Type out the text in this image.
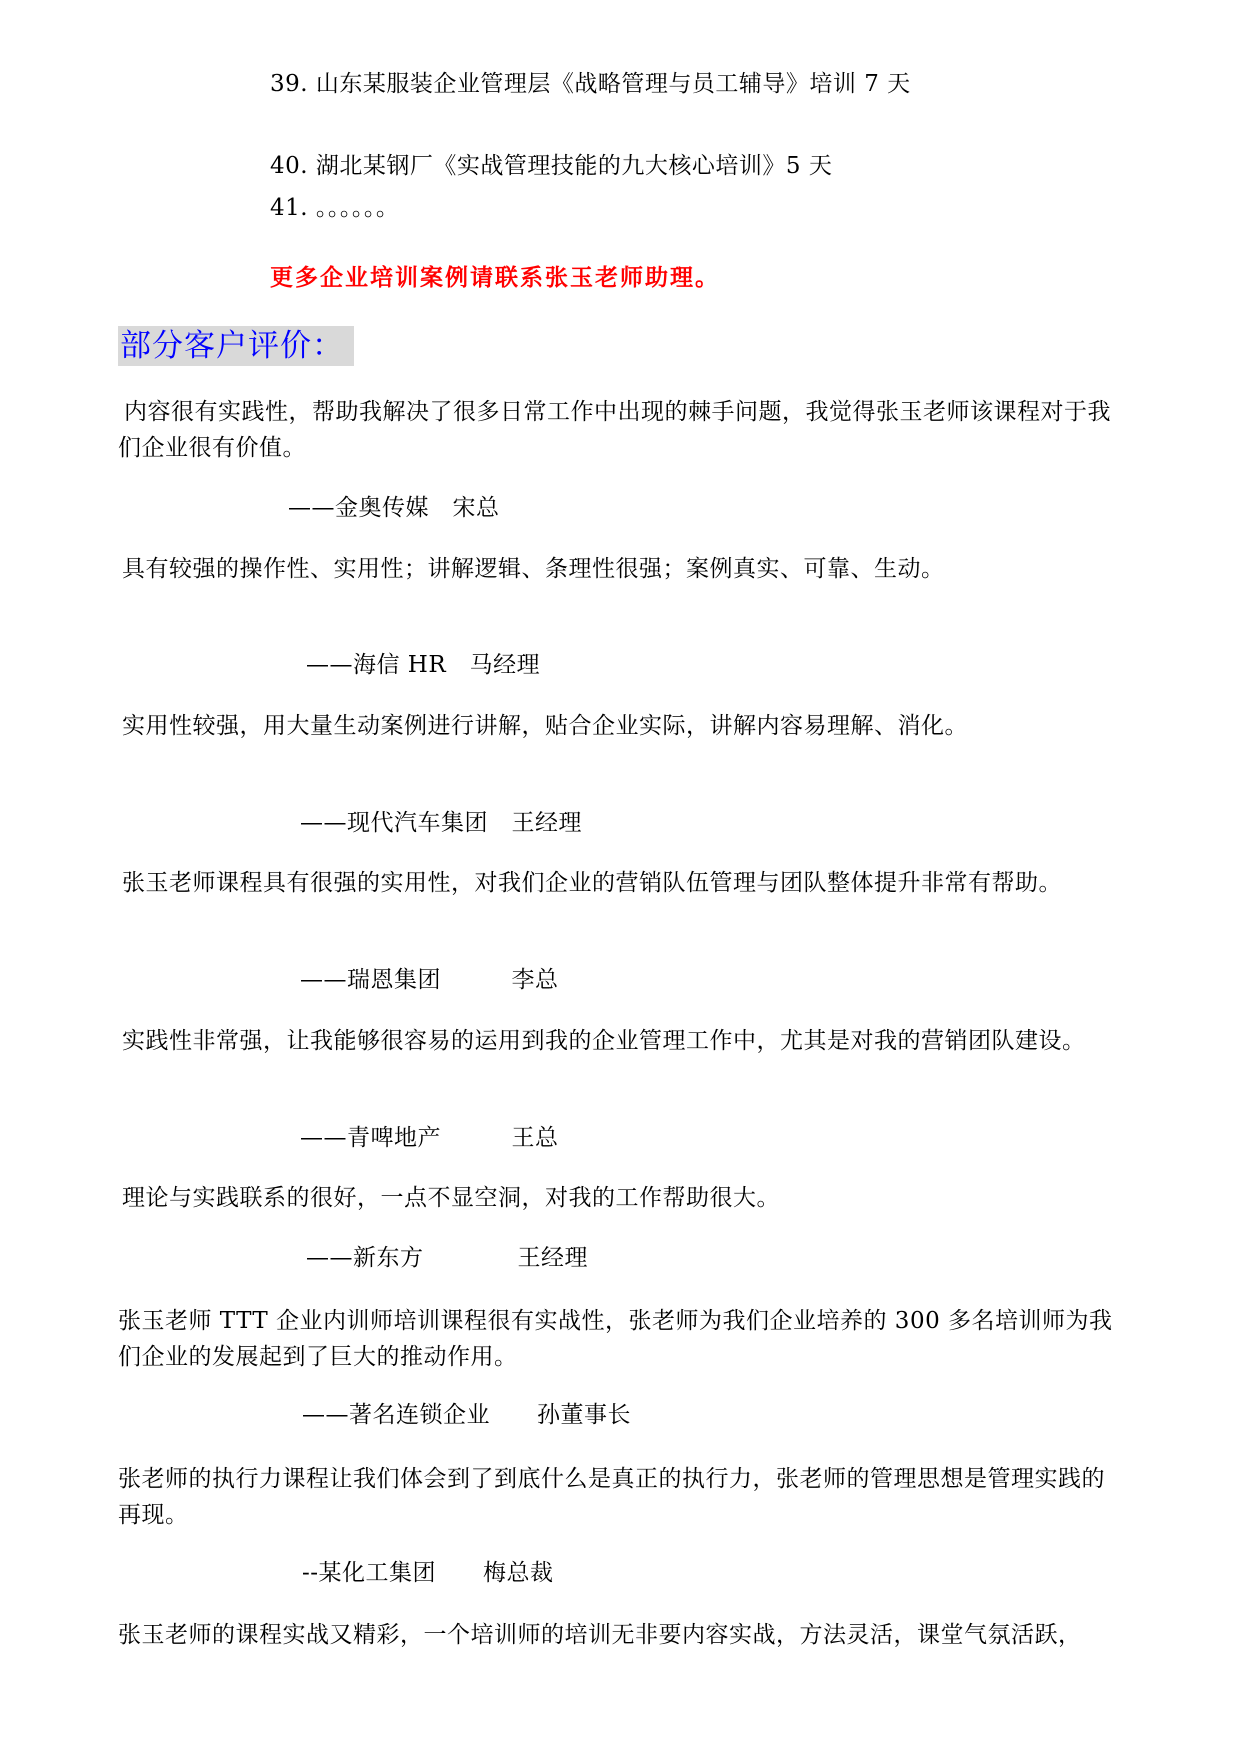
39. 山东某服装企业管理层《战略管理与员工辅导》培训 7 天
40. 湖北某钢厂《实战管理技能的九大核心培训》5 天
41. 。。。。。。
更多企业培训案例请联系张玉老师助理。
部分客户评价：
内容很有实践性，帮助我解决了很多日常工作中出现的棘手问题，我觉得张玉老师该课程对于我们企业很有价值。
——金奥传媒　宋总
具有较强的操作性、实用性；讲解逻辑、条理性很强；案例真实、可靠、生动。
——海信 HR　马经理
实用性较强，用大量生动案例进行讲解，贴合企业实际，讲解内容易理解、消化。
——现代汽车集团　王经理
张玉老师课程具有很强的实用性，对我们企业的营销队伍管理与团队整体提升非常有帮助。
——瑞恩集团　　　李总
实践性非常强，让我能够很容易的运用到我的企业管理工作中，尤其是对我的营销团队建设。
——青啤地产　　　王总
理论与实践联系的很好，一点不显空洞，对我的工作帮助很大。
——新东方　　　　王经理
张玉老师 TTT 企业内训师培训课程很有实战性，张老师为我们企业培养的 300 多名培训师为我们企业的发展起到了巨大的推动作用。
——著名连锁企业　　孙董事长
张老师的执行力课程让我们体会到了到底什么是真正的执行力，张老师的管理思想是管理实践的再现。
--某化工集团　　梅总裁
张玉老师的课程实战又精彩，一个培训师的培训无非要内容实战，方法灵活，课堂气氛活跃，
